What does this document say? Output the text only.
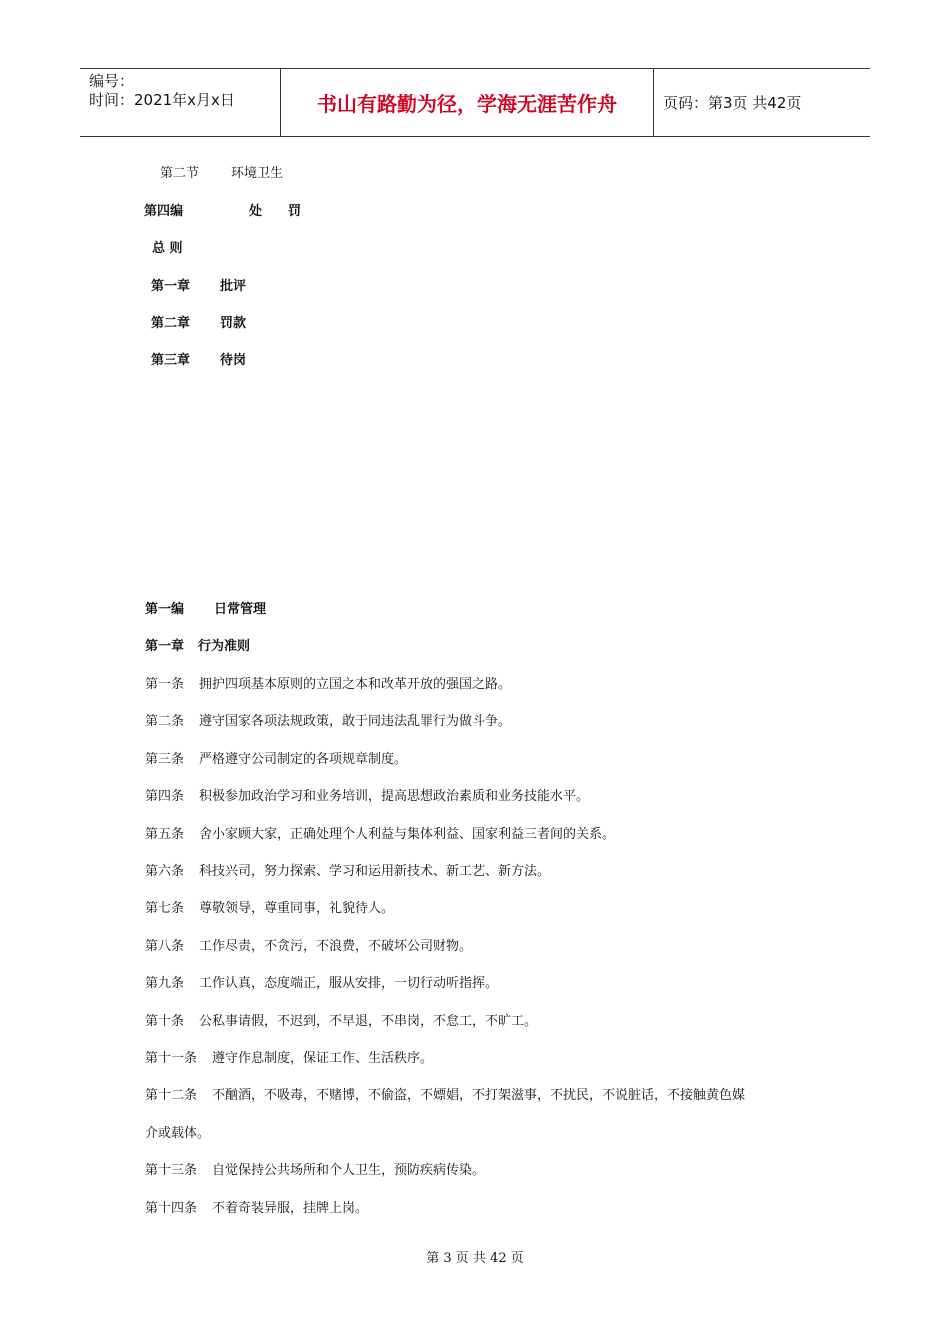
编号：
时间：2021年x月x日	书山有路勤为径，学海无涯苦作舟	页码：第3页 共42页
第二节 环境卫生
第四编	处 罚
总 则
第一章 批评
第二章 罚款
第三章 待岗
第一编 日常管理
第一章 行为准则
第一条 拥护四项基本原则的立国之本和改革开放的强国之路。
第二条 遵守国家各项法规政策，敢于同违法乱罪行为做斗争。
第三条 严格遵守公司制定的各项规章制度。
第四条 积极参加政治学习和业务培训，提高思想政治素质和业务技能水平。
第五条 舍小家顾大家，正确处理个人利益与集体利益、国家利益三者间的关系。
第六条 科技兴司，努力探索、学习和运用新技术、新工艺、新方法。
第七条 尊敬领导，尊重同事，礼貌待人。
第八条 工作尽责，不贪污，不浪费，不破坏公司财物。
第九条 工作认真，态度端正，服从安排，一切行动听指挥。
第十条 公私事请假，不迟到，不早退，不串岗，不怠工，不旷工。
第十一条 遵守作息制度，保证工作、生活秩序。
第十二条 不酗酒，不吸毒，不赌博，不偷盗，不嫖娼，不打架滋事，不扰民，不说脏话，不接触黄色媒
介或载体。
第十三条 自觉保持公共场所和个人卫生，预防疾病传染。
第十四条 不着奇装异服，挂牌上岗。
第 3 页 共 42 页
